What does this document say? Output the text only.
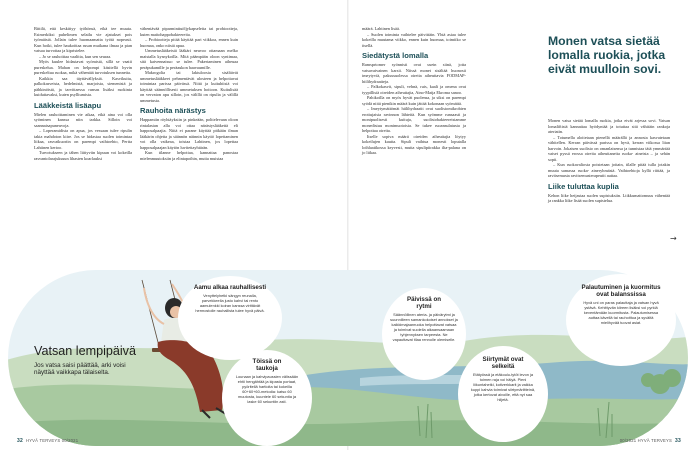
Bittilä, että keskittyy työhönsä, eikä tee muuta. Esimerkiksi puhelimen selailu vie ajatukset pois työmäistä. Jollain tulee huomaamatta työtä nopeasti. Kun hoiki, tulee haukoittaa rusan muikana ilmaa ja pian vatsaa turvottaa ja kipristelee.

– Jo se rauhoittaa vaalitta, kun sen seuraa.

Myös kuulee hidastavat syömistä, sillä se vaatii pureskelua. Mahan on helpompi käsitellä hyvin pureskeltua ruokaa, mikä vähentää turvotuksen tunnetta.

Kaikkia saa täyttävällyksiä. Kasvikuitu, palkokasveista, hedelmistä, marjoista, siemenistä ja pähkinöistä, ja tarvittaessa runsas lisäksi ruokinta kuiduttavaksi, kuten psylliumista.

Lääkkeistä lisäapu

Mielen rauhoittaminen vie aikaa, eikä aina voi olla syöminen kanssa niin tarkka. Silloin voi saannaisapuneuvoja.

– Loperamidista on apua, jos vessaan tulee ripulin takia mahdoton kiire. Jos se hidastaa suolen toimintaa liikaa, rasvatkuoriin on parempi vaihtoehto, Pertta Lahtinen kertoo.

Turvotukseen ja tähen liittyviin kipuun voi kokeilla rasvantolarajuksuun lihasten koarlauksi

vähentävää piparminttuöljykapseleita tai probiootteja, kuten maitohappobakteereita.

– Probiootteja pitää käyttää pari viikkoa, ennen kuin huomaa, onko niistä apua.

Ummetuslääkeistä lääkäri neuvoo ottamaan melko maistalla kysnykoilla. Mitä päämpään oloon syntimaa, sitä kaivennaisuo se tulee. Pakertaminen aiheuaa peräpukamille ja peräaukon haavaumille.

Makrogolia tai laktuloosia sisältävät ummetuslääkkeet pehmentävät ulosteen ja helpottavat toimintaa parissa päivässä. Niitä ja kuituhiisiä voi käyttää säännöllisesti ummetuksen hoitoon. Kuitulisää on vervaton apu silloin, jos välillä on ripulia ja välillä ummetusta.

Rauhoita närästys

Happamiin röyhtäyksiin ja pinkeään, polttelevaan oloon rintalastan alla voi ottaa närästyslääkettä eli happosalpaajia. Niitä ei parane käyttää pitkään ilman lääkärin ohjetta ja säännön näinnin käyttö lopettaminen voi olla vaikeaa, toistaa Lahtinen, jos lopettaa happosalpaajan käytön luvitettayhtärän.

Kun tilanne helpottaa, kannattaa panostaa mielenmuutoksiin ja elintapoihin, mutta muistaa

määrä. Lahtinen lisää.

– Suolen toiminta vaihtelee päivittäin. Yhtä asiaa tulee kokeilla muutama viikko, ennen kuin huomaa, toimiiko se itsellä.

Siedätystä lomalla

Ramsprtomer syönnisti ovat usein siinä, jotta vatsavaivainen karsii. Niissä monet sisältää huonosti imeytyviä, paksusuolessa oireita aiheuttavia FODMAP-hiilihydraatteja.

– Palkokasvit, sipuli, vehnä, ruis, kaali ja omena ovat tyypillisiä oireiden aiheuttajia, Aino-Maija Ekroma sanoo.

Pahikoilla on myös hyvät puolensa, ja siksi on parempi syödä niitä pienikin määrä kuin jättää kokonaan syömättä.

– Imeytymättömät hiilihydraatit ovat suolistomikrobien erottujaisia ravinnon lähteitä. Kun syömme runsaasti ja monipuolisesti kuituja, suolistobakteereistamme monedistuu monimuotoisia. Se tukee ruoansulatusta ja helpottaa oireita.

Itselle sopiva määrä oireiden aiheuttajia löytyy kokeilujen kautta. Sipuli vaihtua monesti loputalla loihlaatikossa keyvesti, mutta sipulipiirakka ilta-palana on jo liikaa.

Monen vatsa sietää lomalla ruokia, jotka eivät muulloin sovi.

Monen vatsa sietää lomalla ruokia, jotka eivät arjessa sovi. Vatsan lomaliftistä kannattaa hyödyntää ja totuttaa sitä vähitäin rankoja ateriatin.

– Totumella aloitetaan pienellä määrällä ja annosta kasvatetaan vähitellen. Kerran päivässä parissa on hyvä, kerran viikossa liian harvoin. Jokaisen suolisto on omanlaisensa ja tunnistaa tätä ymmärtää vaiset pyssä erossa oireita aiheuttaneita ruoka- aineista – ja sehän sopii.

– Kun ruokavaliosta poistetaan joitain, tilalle pitää tulla jotakin muuta samassa ruoka- aineryhmästä. Vaihtoehtoja kyllä riittää, ja ravitsemusta ravitsemusterapeutit auttaa.

Liike tuluttaa kuplia

Kehon liike heijastaa suolen supistuksiin. Liikkumattomuus vähentää ja rankka liike lisää suolen supistelua.

→
Vatsan lempipäivä
Jos vatsa saisi päättää, arki voisi näyttää vaikkapa tälaiselta.
Aamu alkaa rauhallisesti
Venyttelyhetki sängyn reunalla, parvekkeella justo kahvi tai rento aamulenkki koiran kanssa virittävät hermostolle rauhallista tulee hyvä päivä.
Töissä on taukoja
Lounaan ja kahvipaussien välissään ehtii hengähtää ja kipasta portaat, pyöritellä hartioita tai kokeilla 60+60+60-metodia: katso 60 muutosta, kuuntele 60 sekuntia ja laske 60 sekuntiin asti.
Päivissä on rytmi
Säännöllinen ateria- ja päivärytmi ja suunnilleen samankokoiset annokset ja kaikkimajaanruoka helpottavat vatsaa ja toimivat suolella aikaansaamaan tyhjennyksen tarpeesta. Ne vapauttavat tilaa rennolle olemiselle.
Siirtymät ovat selkeitä
Etätyössä ja etäkoulu-tytöt levon ja toimen raja voi hälyä. Pieni liikuntahetki, kotiverkkarit ja vaikka kuppi kahvia toimivat siirtymäriitteinä, jotka kertovat aivoille, että nyt saa hiljetä.
Palautuminen ja kuormitus ovat balanssissa
Hyvä uni on paras palauttaja ja vatsan hyvä ystävä. Kehittyvän kiireen lisäksi voi pyrkiä keventämään kuormitusta. Palautumisessa auttaa kävellä tai rauhoittua ja syvältä mielihyvää tuovat asiat.
32 HYVÄ TERVEYS 00/2021	00/2021 HYVÄ TERVEYS 33
